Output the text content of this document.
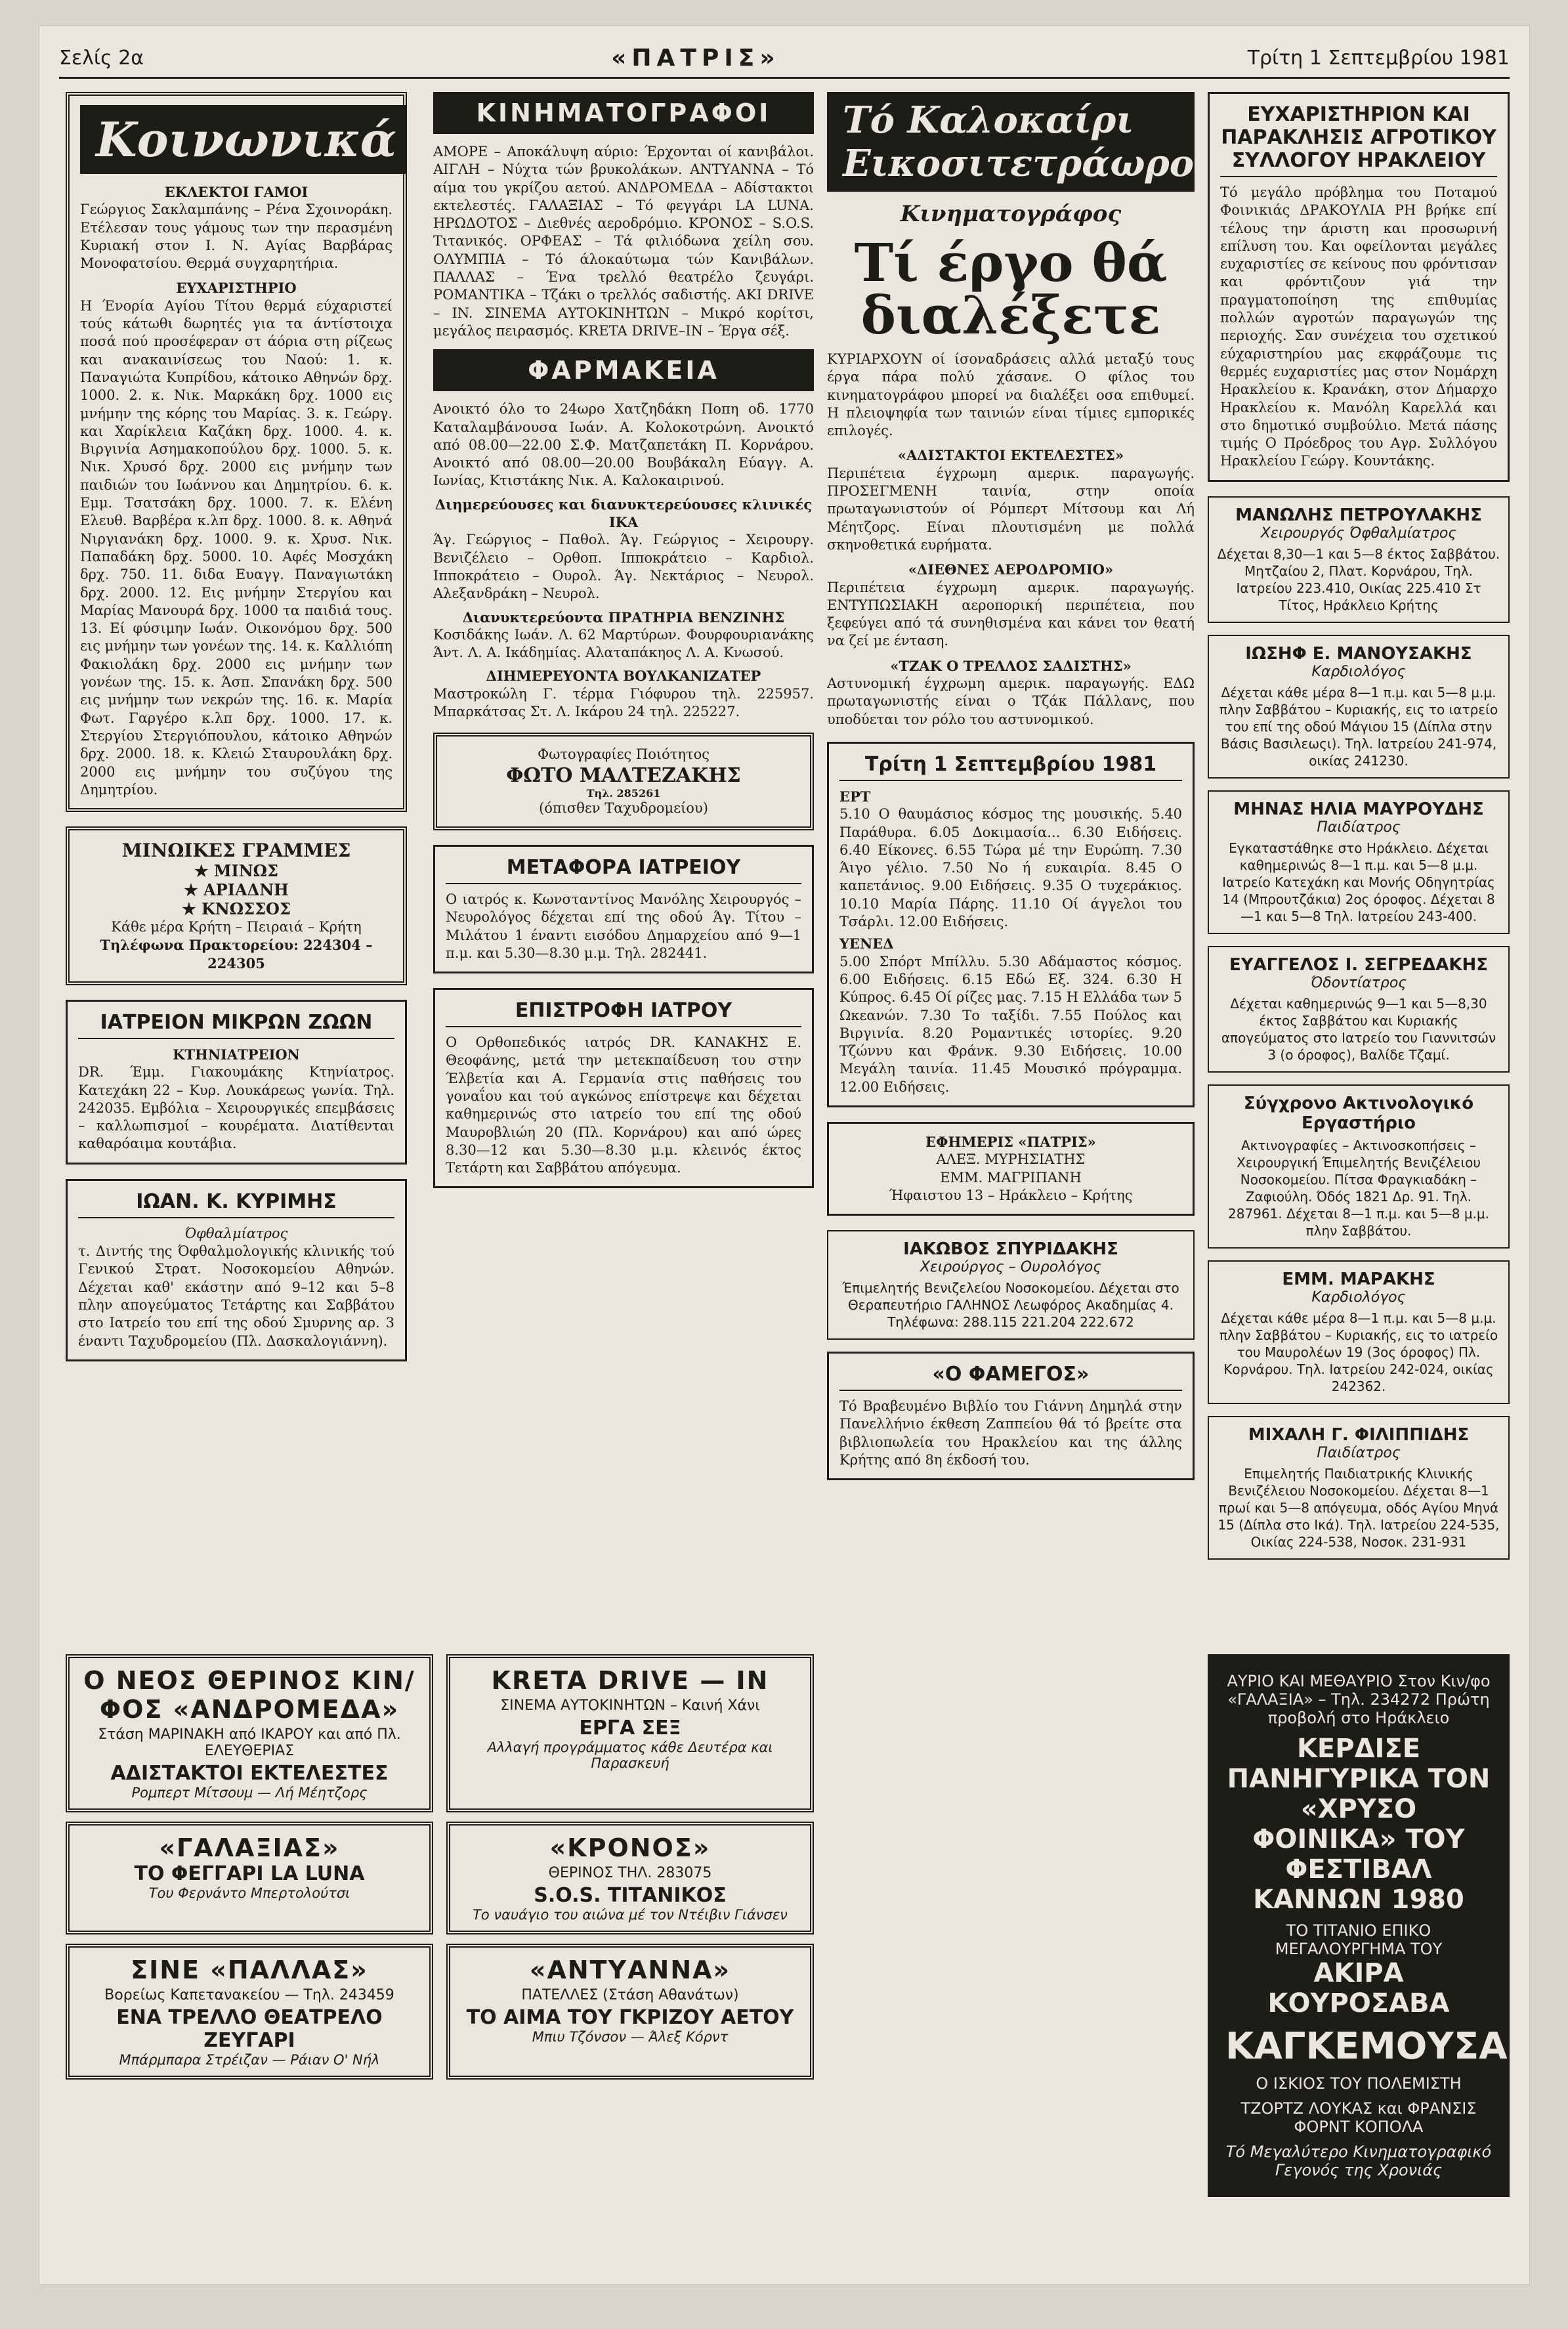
Σελίς 2α	«ΠΑΤΡΙΣ»	Τρίτη 1 Σεπτεμβρίου 1981
Κοινωνικά
ΕΚΛΕΚΤΟΙ ΓΑΜΟΙ
Γεώργιος Σακλαμπάνης – Ρένα Σχοινοράκη. Ετέλεσαν τους γάμους των την περασμένη Κυριακή στον Ι. Ν. Αγίας Βαρβάρας Μονοφατσίου. Θερμά συγχαρητήρια.
ΕΥΧΑΡΙΣΤΗΡΙΟ
Η Ένορία Αγίου Τίτου θερμά εύχαριστεί τούς κάτωθι δωρητές για τα άντίστοιχα ποσά πού προσέφεραν στ άόρια στη ρίζεως και ανακαινίσεως του Ναού: 1. κ. Παναγιώτα Κυπρίδου, κάτοικο Αθηνών δρχ. 1000. 2. κ. Νικ. Μαρκάκη δρχ. 1000 εις μνήμην της κόρης του Μαρίας. 3. κ. Γεώργ. και Χαρίκλεια Καζάκη δρχ. 1000. 4. κ. Βιργινία Ασημακοπούλου δρχ. 1000. 5. κ. Νικ. Χρυσό δρχ. 2000 εις μνήμην των παιδιών του Ιωάννου και Δημητρίου. 6. κ. Εμμ. Τσατσάκη δρχ. 1000. 7. κ. Ελένη Ελευθ. Βαρβέρα κ.λπ δρχ. 1000. 8. κ. Αθηνά Νιργιανάκη δρχ. 1000. 9. κ. Χρυσ. Νικ. Παπαδάκη δρχ. 5000. 10. Αφές Μοσχάκη δρχ. 750. 11. διδα Ευαγγ. Παναγιωτάκη δρχ. 2000. 12. Εις μνήμην Στεργίου και Μαρίας Μανουρά δρχ. 1000 τα παιδιά τους. 13. Εί φύσιμην Ιωάν. Οικονόμου δρχ. 500 εις μνήμην των γονέων της. 14. κ. Καλλιόπη Φακιολάκη δρχ. 2000 εις μνήμην των γονέων της. 15. κ. Άσπ. Σπανάκη δρχ. 500 εις μνήμην των νεκρών της. 16. κ. Μαρία Φωτ. Γαργέρο κ.λπ δρχ. 1000. 17. κ. Στεργίου Στεργιόπουλου, κάτοικο Αθηνών δρχ. 2000. 18. κ. Κλειώ Σταυρουλάκη δρχ. 2000 εις μνήμην του συζύγου της Δημητρίου.
ΜΙΝΩΙΚΕΣ ΓΡΑΜΜΕΣ
★ ΜΙΝΩΣ
★ ΑΡΙΑΔΝΗ
★ ΚΝΩΣΣΟΣ
Κάθε μέρα Κρήτη – Πειραιά – Κρήτη
Τηλέφωνα Πρακτορείου: 224304 – 224305
ΙΑΤΡΕΙΟΝ ΜΙΚΡΩΝ ΖΩΩΝ
ΚΤΗΝΙΑΤΡΕΙΟΝ
DR. Έμμ. Γιακουμάκης Κτηνίατρος. Κατεχάκη 22 – Κυρ. Λουκάρεως γωνία. Τηλ. 242035. Εμβόλια – Χειρουργικές επεμβάσεις – καλλωπισμοί – κουρέματα. Διατίθενται καθαρόαιμα κουτάβια.
ΙΩΑΝ. Κ. ΚΥΡΙΜΗΣ
Όφθαλμίατρος
τ. Διντής της Όφθαλμολογικής κλινικής τού Γενικού Στρατ. Νοσοκομείου Αθηνών. Δέχεται καθ' εκάστην από 9–12 και 5–8 πλην απογεύματος Τετάρτης και Σαββάτου στο Ιατρείο του επί της οδού Σμυρνης αρ. 3 έναντι Ταχυδρομείου (Πλ. Δασκαλογιάννη).
ΚΙΝΗΜΑΤΟΓΡΑΦΟΙ
ΑΜΟΡΕ – Αποκάλυψη αύριο: Έρχονται οί κανιβάλοι. ΑΙΓΛΗ – Νύχτα τών βρυκολάκων. ΑΝΤΥΑΝΝΑ – Τό αίμα του γκρίζου αετού. ΑΝΔΡΟΜΕΔΑ – Αδίστακτοι εκτελεστές. ΓΑΛΑΞΙΑΣ – Τό φεγγάρι LA LUNA. ΗΡΩΔΟΤΟΣ – Διεθνές αεροδρόμιο. ΚΡΟΝΟΣ – S.O.S. Τιτανικός. ΟΡΦΕΑΣ – Τά φιλιόδωνα χείλη σου. ΟΛΥΜΠΙΑ – Τό άλοκαύτωμα τών Κανιβάλων. ΠΑΛΛΑΣ – Ένα τρελλό θεατρέλο ζευγάρι. ΡΟΜΑΝΤΙΚΑ – Τζάκι ο τρελλός σαδιστής. ΑΚΙ DRIVE – IN. ΣΙΝΕΜΑ ΑΥΤΟΚΙΝΗΤΩΝ – Μικρό κορίτσι, μεγάλος πειρασμός. KRETA DRIVE–IN – Έργα σέξ.
ΦΑΡΜΑΚΕΙΑ
Ανοικτό όλο το 24ωρο Χατζηδάκη Ποπη οδ. 1770 Καταλαμβάνουσα Ιωάν. Α. Κολοκοτρώνη. Ανοικτό από 08.00—22.00 Σ.Ф. Ματζαπετάκη Π. Κορνάρου. Ανοικτό από 08.00—20.00 Βουβάκαλη Εύαγγ. Α. Ιωνίας, Κτιστάκης Νικ. Α. Καλοκαιρινού.
Διημερεύουσες και διανυκτερεύουσες κλινικές ΙΚΑ
Άγ. Γεώργιος – Παθολ. Άγ. Γεώργιος – Χειρουργ. Βενιζέλειο – Ορθοπ. Ιπποκράτειο – Καρδιολ. Ιπποκράτειο – Ουρολ. Άγ. Νεκτάριος – Νευρολ. Αλεξανδράκη – Νευρολ.
Διανυκτερεύοντα ΠΡΑΤΗΡΙΑ ΒΕΝΖΙΝΗΣ
Κοσιδάκης Ιωάν. Λ. 62 Μαρτύρων. Φουρφουριανάκης Άντ. Λ. Α. Ικάδημίας. Αλαταπάκηος Λ. Α. Κνωσού.
ΔΙΗΜΕΡΕΥΟΝΤΑ ΒΟΥΛΚΑΝΙΖΑΤΕΡ
Μαστροκώλη Γ. τέρμα Γιόφυρου τηλ. 225957. Μπαρκάτσας Στ. Λ. Ικάρου 24 τηλ. 225227.
Φωτογραφίες Ποιότητος
ΦΩΤΟ ΜΑΛΤΕΖΑΚΗΣ
Τηλ. 285261
(όπισθεν Ταχυδρομείου)
ΜΕΤΑΦΟΡΑ ΙΑΤΡΕΙΟΥ
Ο ιατρός κ. Κωνσταντίνος Μανόλης Χειρουργός – Νευρολόγος δέχεται επί της οδού Άγ. Τίτου – Μιλάτου 1 έναντι εισόδου Δημαρχείου από 9—1 π.μ. και 5.30—8.30 μ.μ. Τηλ. 282441.
ΕΠΙΣΤΡΟΦΗ ΙΑΤΡΟΥ
Ο Ορθοπεδικός ιατρός DR. ΚΑΝΑΚΗΣ Ε. Θεοφάνης, μετά την μετεκπαίδευση του στην Έλβετία και Α. Γερμανία στις παθήσεις του γοναΐου και τού αγκώνος επίστρεψε και δέχεται καθημερινώς στο ιατρείο του επί της οδού Μαυροβλιώη 20 (Πλ. Κορνάρου) και από ώρες 8.30—12 και 5.30—8.30 μ.μ. κλεινός έκτος Τετάρτη και Σαββάτου απόγευμα.
Τό Καλοκαίρι Εικοσιτετράωρο
Κινηματογράφος
Τί έργο θά διαλέξετε
ΚΥΡΙΑΡΧΟΥΝ οί ίσοναδράσεις αλλά μεταξύ τους έργα πάρα πολύ χάσανε. Ο φίλος του κινηματογράφου μπορεί να διαλέξει οσα επιθυμεί. Η πλειοψηφία των ταινιών είναι τίμιες εμπορικές επιλογές.
«ΑΔΙΣΤΑΚΤΟΙ ΕΚΤΕΛΕΣΤΕΣ»
Περιπέτεια έγχρωμη αμερικ. παραγωγής. ΠΡΟΣΕΓΜΕΝΗ ταινία, στην οποία πρωταγωνιστούν οί Ρόμπερτ Μίτσουμ και Λή Μέητζορς. Είναι πλουτισμένη με πολλά σκηνοθετικά ευρήματα.
«ΔΙΕΘΝΕΣ ΑΕΡΟΔΡΟΜΙΟ»
Περιπέτεια έγχρωμη αμερικ. παραγωγής. ΕΝΤΥΠΩΣΙΑΚΗ αεροπορική περιπέτεια, που ξεφεύγει από τά συνηθισμένα και κάνει τον θεατή να ζεί με ένταση.
«ΤΖΑΚ Ο ΤΡΕΛΛΟΣ ΣΑΔΙΣΤΗΣ»
Αστυνομική έγχρωμη αμερικ. παραγωγής. ΕΔΩ πρωταγωνιστής είναι ο Τζάκ Πάλλανς, που υποδύεται τον ρόλο του αστυνομικού.
Τρίτη 1 Σεπτεμβρίου 1981
ΕΡΤ
5.10 Ο θαυμάσιος κόσμος της μουσικής. 5.40 Παράθυρα. 6.05 Δοκιμασία... 6.30 Ειδήσεις. 6.40 Είκονες. 6.55 Τώρα μέ την Ευρώπη. 7.30 Άιγο γέλιο. 7.50 Νο ή ευκαιρία. 8.45 Ο καπετάνιος. 9.00 Ειδήσεις. 9.35 Ο τυχεράκιος. 10.10 Μαρία Πάρης. 11.10 Οί άγγελοι του Τσάρλι. 12.00 Ειδήσεις.
ΥΕΝΕΔ
5.00 Σπόρτ Μπίλλυ. 5.30 Αδάμαστος κόσμος. 6.00 Ειδήσεις. 6.15 Εδώ Εξ. 324. 6.30 Η Κύπρος. 6.45 Οί ρίζες μας. 7.15 Η Ελλάδα των 5 Ωκεανών. 7.30 Το ταξίδι. 7.55 Πούλος και Βιργινία. 8.20 Ρομαντικές ιστορίες. 9.20 Τζώννυ και Φράνκ. 9.30 Ειδήσεις. 10.00 Μεγάλη ταινία. 11.45 Μουσικό πρόγραμμα. 12.00 Ειδήσεις.
ΕΦΗΜΕΡΙΣ «ΠΑΤΡΙΣ»
ΑΛΕΞ. ΜΥΡΗΣΙΑΤΗΣ
ΕΜΜ. ΜΑΓΡΙΠΑΝΗ
Ήφαιστου 13 – Ηράκλειο – Κρήτης
ΙΑΚΩΒΟΣ ΣΠΥΡΙΔΑΚΗΣ
Χειρούργος – Ουρολόγος
Έπιμελητής Βενιζελείου Νοσοκομείου. Δέχεται στο Θεραπευτήριο ΓΑΛΗΝΟΣ Λεωφόρος Ακαδημίας 4. Τηλέφωνα: 288.115 221.204 222.672
«Ο ΦΑΜΕΓΟΣ»
Τό Βραβευμένο Βιβλίο του Γιάννη Δημηλά στην Πανελλήνιο έκθεση Ζαππείου θά τό βρείτε στα βιβλιοπωλεία του Ηρακλείου και της άλλης Κρήτης από 8η έκδοσή του.
ΕΥΧΑΡΙΣΤΗΡΙΟΝ ΚΑΙ ΠΑΡΑΚΛΗΣΙΣ ΑΓΡΟΤΙΚΟΥ ΣΥΛΛΟΓΟΥ ΗΡΑΚΛΕΙΟΥ
Τό μεγάλο πρόβλημα του Ποταμού Φοινικιάς ΔΡΑΚΟΥΛΙΑ ΡΗ βρήκε επί τέλους την άριστη και προσωρινή επίλυση του. Και οφείλονται μεγάλες ευχαριστίες σε κείνους που φρόντισαν και φρόντιζουν γιά την πραγματοποίηση της επιθυμίας πολλών αγροτών παραγωγών της περιοχής. Σαν συνέχεια του σχετικού εύχαριστηρίου μας εκφράζουμε τις θερμές ευχαριστίες μας στον Νομάρχη Ηρακλείου κ. Κρανάκη, στον Δήμαρχο Ηρακλείου κ. Μανόλη Καρελλά και στο δημοτικό συμβούλιο. Μετά πάσης τιμής Ο Πρόεδρος του Αγρ. Συλλόγου Ηρακλείου Γεώργ. Κουντάκης.
ΜΑΝΩΛΗΣ ΠΕΤΡΟΥΛΑΚΗΣ
Χειρουργός Όφθαλμίατρος
Δέχεται 8,30—1 και 5—8 έκτος Σαββάτου. Μητζαίου 2, Πλατ. Κορνάρου, Τηλ. Ιατρείου 223.410, Οικίας 225.410 Στ Τίτος, Ηράκλειο Κρήτης
ΙΩΣΗΦ Ε. ΜΑΝΟΥΣΑΚΗΣ
Καρδιολόγος
Δέχεται κάθε μέρα 8—1 π.μ. και 5—8 μ.μ. πλην Σαββάτου – Κυριακής, εις το ιατρείο του επί της οδού Μάγιου 15 (Δίπλα στην Βάσις Βασιλεωςι). Τηλ. Ιατρείου 241-974, οικίας 241230.
ΜΗΝΑΣ ΗΛΙΑ ΜΑΥΡΟΥΔΗΣ
Παιδίατρος
Εγκαταστάθηκε στο Ηράκλειο. Δέχεται καθημερινώς 8—1 π.μ. και 5—8 μ.μ. Ιατρείο Κατεχάκη και Μονής Οδηγητρίας 14 (Μπρουτζάκια) 2ος όροφος. Δέχεται 8—1 και 5—8 Τηλ. Ιατρείου 243-400.
ΕΥΑΓΓΕΛΟΣ Ι. ΣΕΓΡΕΔΑΚΗΣ
Όδοντίατρος
Δέχεται καθημερινώς 9—1 και 5—8,30 έκτος Σαββάτου και Κυριακής απογεύματος στο Ιατρείο του Γιαννιτσών 3 (ο όροφος), Βαλίδε Τζαμί.
Σύγχρονο Ακτινολογικό Εργαστήριο
Ακτινογραφίες – Ακτινοσκοπήσεις – Χειρουργική Έπιμελητής Βενιζέλειου Νοσοκομείου. Πίτσα Φραγκιαδάκη – Ζαφιούλη. Όδός 1821 Δρ. 91. Τηλ. 287961. Δέχεται 8—1 π.μ. και 5—8 μ.μ. πλην Σαββάτου.
ΕΜΜ. ΜΑΡΑΚΗΣ
Καρδιολόγος
Δέχεται κάθε μέρα 8—1 π.μ. και 5—8 μ.μ. πλην Σαββάτου – Κυριακής, εις το ιατρείο του Μαυρολέων 19 (3ος όροφος) Πλ. Κορνάρου. Τηλ. Ιατρείου 242-024, οικίας 242362.
ΜΙΧΑΛΗ Γ. ΦΙΛΙΠΠΙΔΗΣ
Παιδίατρος
Επιμελητής Παιδιατρικής Κλινικής Βενιζέλειου Νοσοκομείου. Δέχεται 8—1 πρωί και 5—8 απόγευμα, οδός Αγίου Μηνά 15 (Δίπλα στο Ικά). Τηλ. Ιατρείου 224-535, Οικίας 224-538, Νοσοκ. 231-931
Ο ΝΕΟΣ ΘΕΡΙΝΟΣ ΚΙΝ/ΦΟΣ «ΑΝΔΡΟΜΕΔΑ»
Στάση ΜΑΡΙΝΑΚΗ από ΙΚΑΡΟΥ και από Πλ. ΕΛΕΥΘΕΡΙΑΣ
ΑΔΙΣΤΑΚΤΟΙ ΕΚΤΕΛΕΣΤΕΣ
Ρομπερτ Μίτσουμ — Λή Μέητζορς
KRETA DRIVE — IN
ΣΙΝΕΜΑ ΑΥΤΟΚΙΝΗΤΩΝ – Καινή Χάνι
ΕΡΓΑ ΣΕΞ
Αλλαγή προγράμματος κάθε Δευτέρα και Παρασκευή
«ΓΑΛΑΞΙΑΣ»
ΤΟ ΦΕΓΓΑΡΙ LA LUNA
Του Φερνάντο Μπερτολούτσι
«ΚΡΟΝΟΣ»
ΘΕΡΙΝΟΣ ΤΗΛ. 283075
S.O.S. ΤΙΤΑΝΙΚΟΣ
Το ναυάγιο του αιώνα μέ τον Ντέιβιν Γιάνσεν
ΣΙΝΕ «ΠΑΛΛΑΣ»
Βορείως Καπετανακείου — Τηλ. 243459
ΕΝΑ ΤΡΕΛΛΟ ΘΕΑΤΡΕΛΟ ΖΕΥΓΑΡΙ
Μπάρμπαρα Στρέιζαν — Ράιαν Ο' Νήλ
«ΑΝΤΥΑΝΝΑ»
ΠΑΤΕΛΛΕΣ (Στάση Αθανάτων)
ΤΟ ΑΙΜΑ ΤΟΥ ΓΚΡΙΖΟΥ ΑΕΤΟΥ
Μπιυ Τζόνσον — Άλεξ Κόρντ
ΑΥΡΙΟ ΚΑΙ ΜΕΘΑΥΡΙΟ Στον Κιν/φο «ΓΑΛΑΞΙΑ» – Τηλ. 234272 Πρώτη προβολή στο Ηράκλειο
ΚΕΡΔΙΣΕ ΠΑΝΗΓΥΡΙΚΑ ΤΟΝ «ΧΡΥΣΟ ΦΟΙΝΙΚΑ» ΤΟΥ ΦΕΣΤΙΒΑΛ ΚΑΝΝΩΝ 1980
ΤΟ ΤΙΤΑΝΙΟ ΕΠΙΚΟ ΜΕΓΑΛΟΥΡΓΗΜΑ ΤΟΥ
ΑΚΙΡΑ ΚΟΥΡΟΣΑΒΑ
ΚΑΓΚΕΜΟΥΣΑ
Ο ΙΣΚΙΟΣ ΤΟΥ ΠΟΛΕΜΙΣΤΗ
ΤΖΟΡΤΖ ΛΟΥΚΑΣ και ΦΡΑΝΣΙΣ ΦΟΡΝΤ ΚΟΠΟΛΑ
Τό Μεγαλύτερο Κινηματογραφικό Γεγονός της Χρονιάς
